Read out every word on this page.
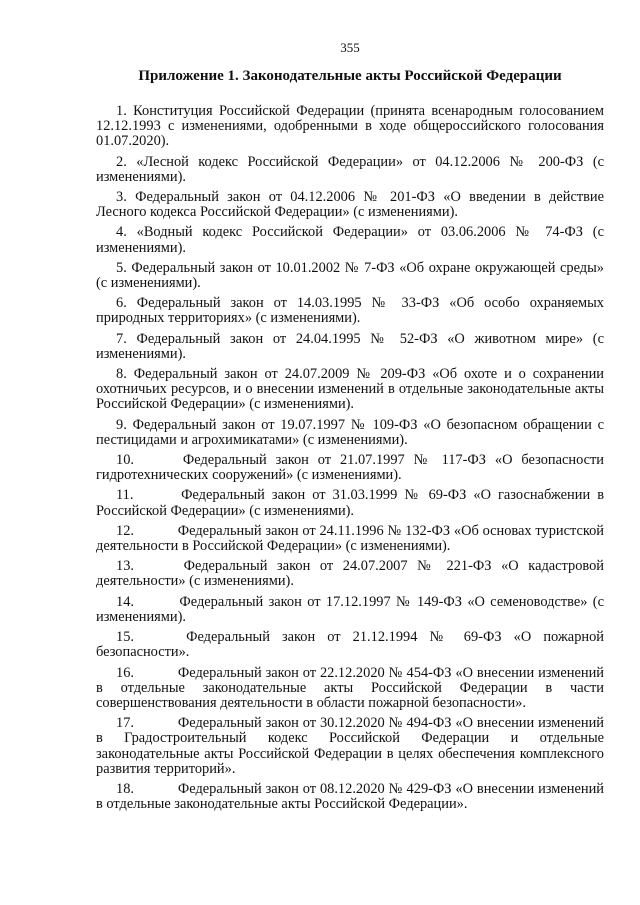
355
Приложение 1. Законодательные акты Российской Федерации
1. Конституция Российской Федерации (принята всенародным голосованием 12.12.1993 с изменениями, одобренными в ходе общероссийского голосования 01.07.2020).
2. «Лесной кодекс Российской Федерации» от 04.12.2006 № 200-ФЗ (с изменениями).
3. Федеральный закон от 04.12.2006 № 201-ФЗ «О введении в действие Лесного кодекса Российской Федерации» (с изменениями).
4. «Водный кодекс Российской Федерации» от 03.06.2006 № 74-ФЗ (с изменениями).
5. Федеральный закон от 10.01.2002 № 7-ФЗ «Об охране окружающей среды» (с изменениями).
6. Федеральный закон от 14.03.1995 № 33-ФЗ «Об особо охраняемых природных территориях» (с изменениями).
7. Федеральный закон от 24.04.1995 № 52-ФЗ «О животном мире» (с изменениями).
8. Федеральный закон от 24.07.2009 № 209-ФЗ «Об охоте и о сохранении охотничьих ресурсов, и о внесении изменений в отдельные законодательные акты Российской Федерации» (с изменениями).
9. Федеральный закон от 19.07.1997 № 109-ФЗ «О безопасном обращении с пестицидами и агрохимикатами» (с изменениями).
10.	Федеральный закон от 21.07.1997 № 117-ФЗ «О безопасности гидротехнических сооружений» (с изменениями).
11.	Федеральный закон от 31.03.1999 № 69-ФЗ «О газоснабжении в Российской Федерации» (с изменениями).
12.	Федеральный закон от 24.11.1996 № 132-ФЗ «Об основах туристской деятельности в Российской Федерации» (с изменениями).
13.	Федеральный закон от 24.07.2007 № 221-ФЗ «О кадастровой деятельности» (с изменениями).
14.	Федеральный закон от 17.12.1997 № 149-ФЗ «О семеноводстве» (с изменениями).
15.	Федеральный закон от 21.12.1994 № 69-ФЗ «О пожарной безопасности».
16.	Федеральный закон от 22.12.2020 № 454-ФЗ «О внесении изменений в отдельные законодательные акты Российской Федерации в части совершенствования деятельности в области пожарной безопасности».
17.	Федеральный закон от 30.12.2020 № 494-ФЗ «О внесении изменений в Градостроительный кодекс Российской Федерации и отдельные законодательные акты Российской Федерации в целях обеспечения комплексного развития территорий».
18.	Федеральный закон от 08.12.2020 № 429-ФЗ «О внесении изменений в отдельные законодательные акты Российской Федерации».
